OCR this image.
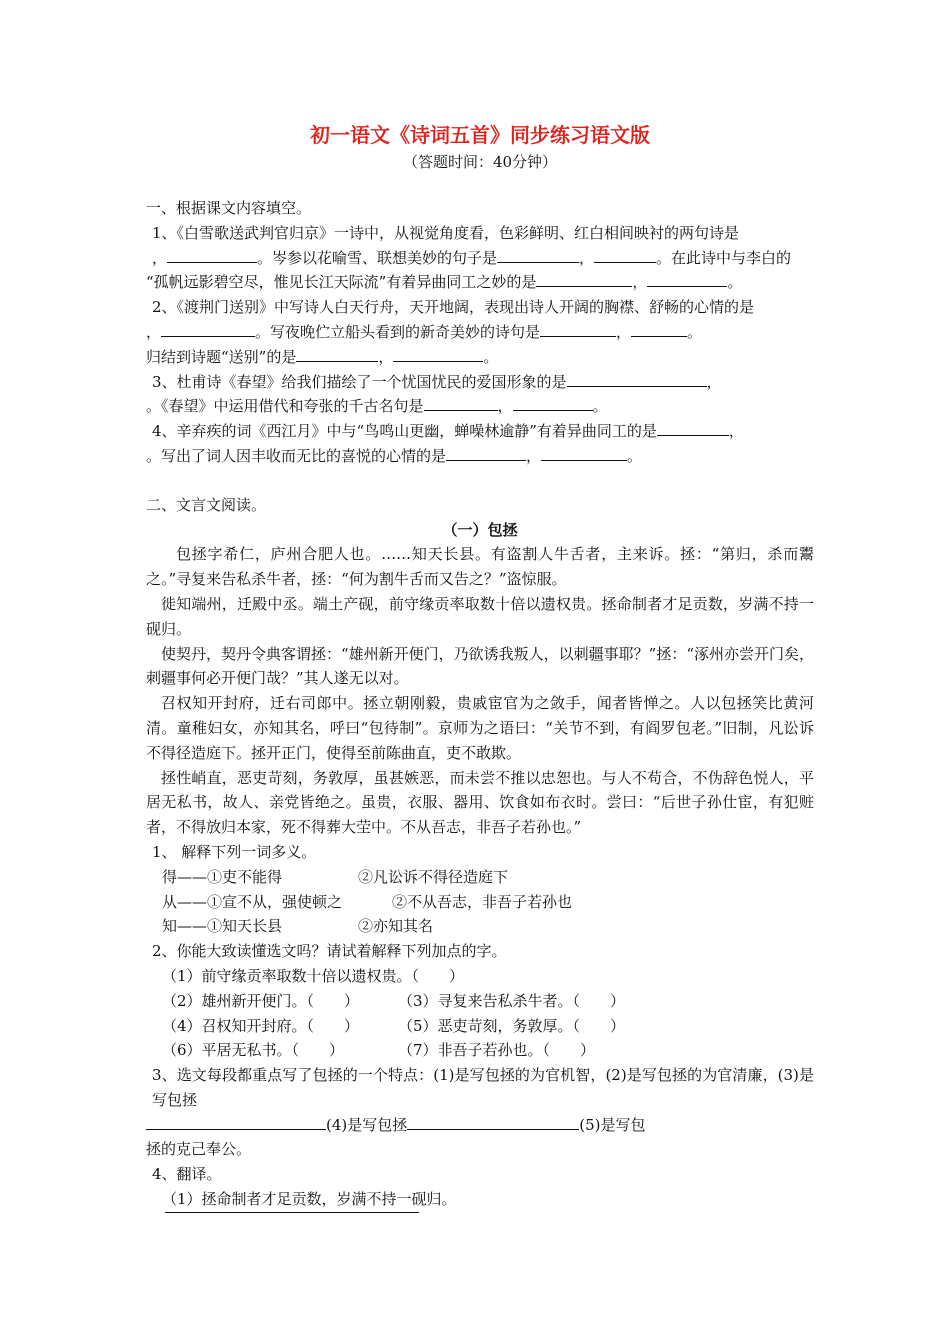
初一语文《诗词五首》同步练习语文版

（答题时间：40分钟）

一、根据课文内容填空。

1、《白雪歌送武判官归京》一诗中，从视觉角度看，色彩鲜明、红白相间映衬的两句诗是

，	。岑参以花喻雪、联想美妙的句子是	，	。在此诗中与李白的

“孤帆远影碧空尽，惟见长江天际流”有着异曲同工之妙的是	，	。

2、《渡荆门送别》中写诗人白天行舟，天开地阔，表现出诗人开阔的胸襟、舒畅的心情的是

，	。写夜晚伫立船头看到的新奇美妙的诗句是	，	。

归结到诗题“送别”的是	，	。

3、杜甫诗《春望》给我们描绘了一个忧国忧民的爱国形象的是	，

。《春望》中运用借代和夸张的千古名句是	，	。

4、辛弃疾的词《西江月》中与“鸟鸣山更幽，蝉噪林逾静”有着异曲同工的是	，

。写出了词人因丰收而无比的喜悦的心情的是	，	。

二、文言文阅读。

（一）包拯

包拯字希仁，庐州合肥人也。……知天长县。有盗割人牛舌者，主来诉。拯：“第归，杀而鬻之。”寻复来告私杀牛者，拯：“何为割牛舌而又告之？”盗惊服。

徙知端州，迁殿中丞。端土产砚，前守缘贡率取数十倍以遗权贵。拯命制者才足贡数，岁满不持一砚归。

使契丹，契丹令典客谓拯：“雄州新开便门，乃欲诱我叛人，以刺疆事耶？”拯：“涿州亦尝开门矣，刺疆事何必开便门哉？”其人遂无以对。

召权知开封府，迁右司郎中。拯立朝刚毅，贵戚宦官为之敛手，闻者皆惮之。人以包拯笑比黄河清。童稚妇女，亦知其名，呼曰“包待制”。京师为之语曰：“关节不到，有阎罗包老。”旧制，凡讼诉不得径造庭下。拯开正门，使得至前陈曲直，吏不敢欺。

拯性峭直，恶吏苛刻，务敦厚，虽甚嫉恶，而未尝不推以忠恕也。与人不苟合，不伪辞色悦人，平居无私书，故人、亲党皆绝之。虽贵，衣服、器用、饮食如布衣时。尝曰：“后世子孙仕宦，有犯赃者，不得放归本家，死不得葬大茔中。不从吾志，非吾子若孙也。”

1、 解释下列一词多义。

得——①吏不能得	②凡讼诉不得径造庭下
从——①宣不从，强使顿之	②不从吾志，非吾子若孙也
知——①知天长县	②亦知其名

2、你能大致读懂选文吗？请试着解释下列加点的字。

（1）前守缘贡率取数十倍以遗权贵。（　　）
（2）雄州新开便门。（　　）	（3）寻复来告私杀牛者。（　　）
（4）召权知开封府。（　　）	（5）恶吏苛刻，务敦厚。（　　）
（6）平居无私书。（　　）	（7）非吾子若孙也。（　　）

3、选文每段都重点写了包拯的一个特点：(1)是写包拯的为官机智，(2)是写包拯的为官清廉，(3)是写包拯

(4)是写包拯	(5)是写包

拯的克己奉公。

4、翻译。

（1）拯命制者才足贡数，岁满不持一砚归。
